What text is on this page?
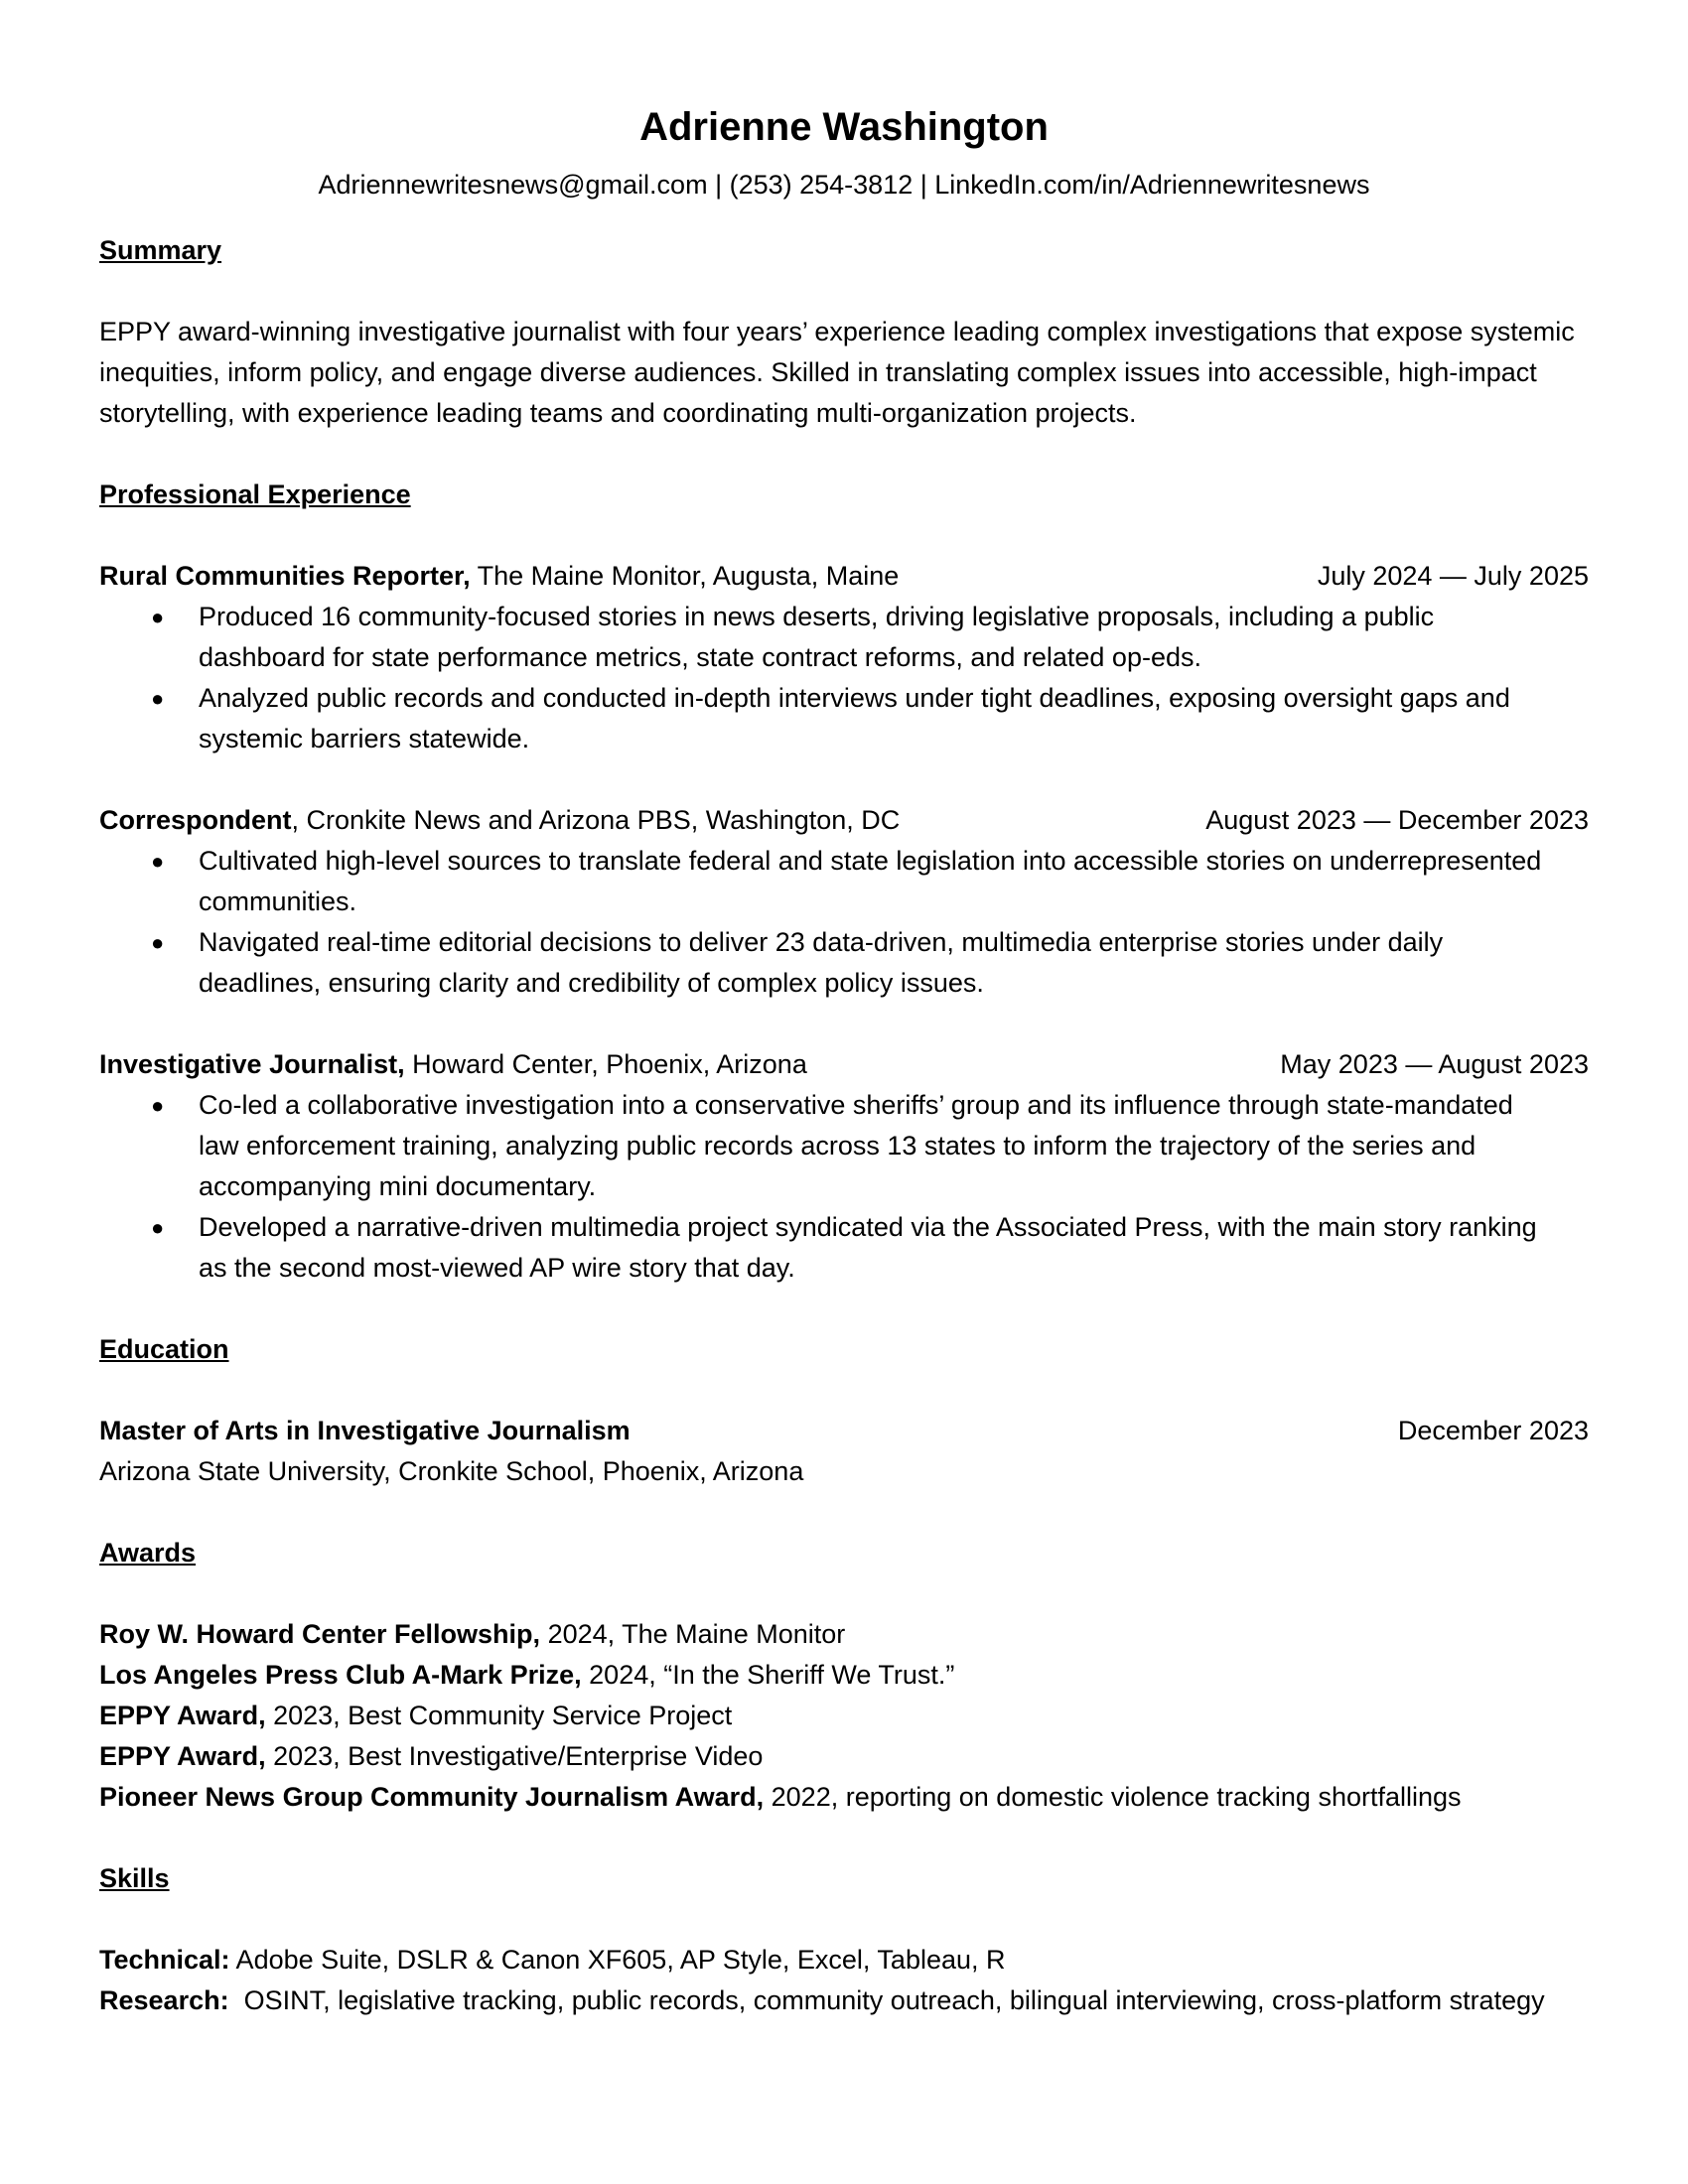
Adrienne Washington
Adriennewritesnews@gmail.com | (253) 254-3812 | LinkedIn.com/in/Adriennewritesnews
Summary

EPPY award-winning investigative journalist with four years’ experience leading complex investigations that expose systemic inequities, inform policy, and engage diverse audiences. Skilled in translating complex issues into accessible, high-impact storytelling, with experience leading teams and coordinating multi-organization projects.

Professional Experience
Rural Communities Reporter, The Maine Monitor, Augusta, Maine	July 2024 — July 2025
● Produced 16 community-focused stories in news deserts, driving legislative proposals, including a public dashboard for state performance metrics, state contract reforms, and related op-eds.
● Analyzed public records and conducted in-depth interviews under tight deadlines, exposing oversight gaps and systemic barriers statewide.
Correspondent, Cronkite News and Arizona PBS, Washington, DC	August 2023 — December 2023
● Cultivated high-level sources to translate federal and state legislation into accessible stories on underrepresented communities.
● Navigated real-time editorial decisions to deliver 23 data-driven, multimedia enterprise stories under daily deadlines, ensuring clarity and credibility of complex policy issues.
Investigative Journalist, Howard Center, Phoenix, Arizona	May 2023 — August 2023
● Co-led a collaborative investigation into a conservative sheriffs’ group and its influence through state-mandated law enforcement training, analyzing public records across 13 states to inform the trajectory of the series and accompanying mini documentary.
● Developed a narrative-driven multimedia project syndicated via the Associated Press, with the main story ranking as the second most-viewed AP wire story that day.
Education
Master of Arts in Investigative Journalism	December 2023
Arizona State University, Cronkite School, Phoenix, Arizona
Awards
Roy W. Howard Center Fellowship, 2024, The Maine Monitor
Los Angeles Press Club A-Mark Prize, 2024, “In the Sheriff We Trust.”
EPPY Award, 2023, Best Community Service Project
EPPY Award, 2023, Best Investigative/Enterprise Video
Pioneer News Group Community Journalism Award, 2022, reporting on domestic violence tracking shortfallings
Skills
Technical: Adobe Suite, DSLR & Canon XF605, AP Style, Excel, Tableau, R
Research:  OSINT, legislative tracking, public records, community outreach, bilingual interviewing, cross-platform strategy
